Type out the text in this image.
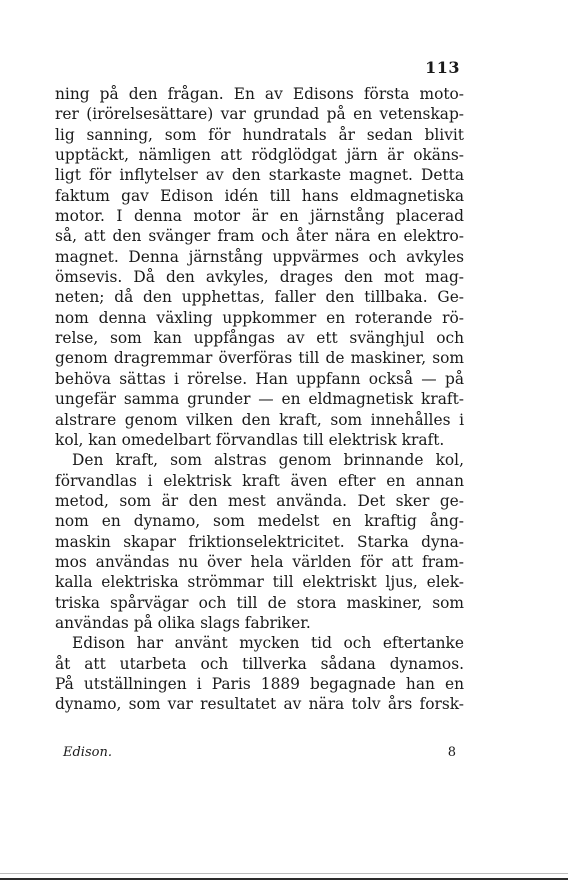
113
ning på den frågan. En av Edisons första moto-
rer (irörelsesättare) var grundad på en vetenskap-
lig sanning, som för hundratals år sedan blivit
upptäckt, nämligen att rödglödgat järn är okäns-
ligt för inflytelser av den starkaste magnet. Detta
faktum gav Edison idén till hans eldmagnetiska
motor. I denna motor är en järnstång placerad
så, att den svänger fram och åter nära en elektro-
magnet. Denna järnstång uppvärmes och avkyles
ömsevis. Då den avkyles, drages den mot mag-
neten; då den upphettas, faller den tillbaka. Ge-
nom denna växling uppkommer en roterande rö-
relse, som kan uppfångas av ett svänghjul och
genom dragremmar överföras till de maskiner, som
behöva sättas i rörelse. Han uppfann också — på
ungefär samma grunder — en eldmagnetisk kraft-
alstrare genom vilken den kraft, som innehålles i
kol, kan omedelbart förvandlas till elektrisk kraft.
Den kraft, som alstras genom brinnande kol,
förvandlas i elektrisk kraft även efter en annan
metod, som är den mest använda. Det sker ge-
nom en dynamo, som medelst en kraftig ång-
maskin skapar friktionselektricitet. Starka dyna-
mos användas nu över hela världen för att fram-
kalla elektriska strömmar till elektriskt ljus, elek-
triska spårvägar och till de stora maskiner, som
användas på olika slags fabriker.
Edison har använt mycken tid och eftertanke
åt att utarbeta och tillverka sådana dynamos.
På utställningen i Paris 1889 begagnade han en
dynamo, som var resultatet av nära tolv års forsk-
Edison.	8
